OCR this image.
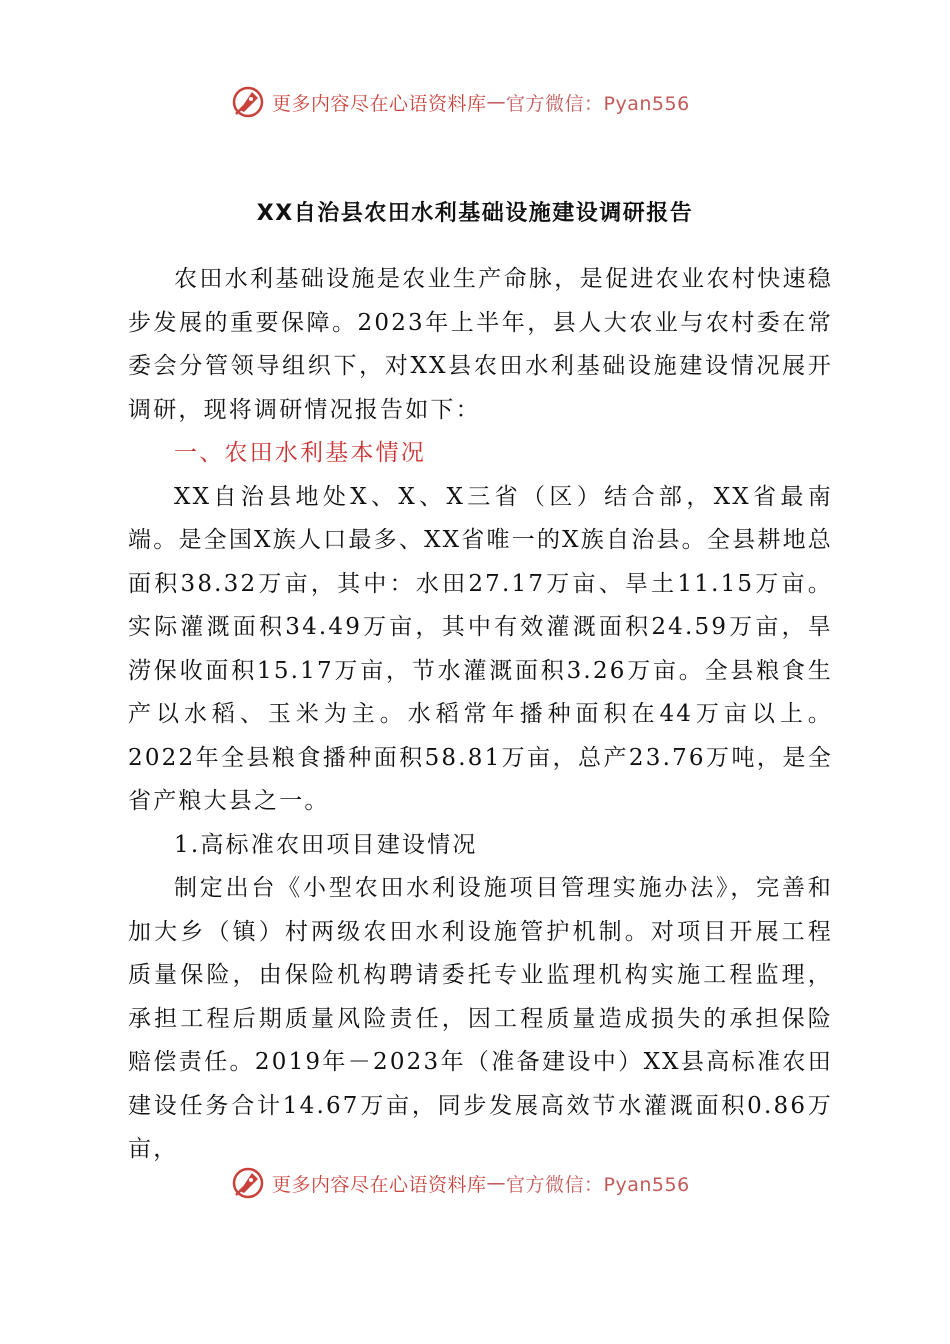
更多内容尽在心语资料库 — 官方微信：Pyan556
XX自治县农田水利基础设施建设调研报告

农田水利基础设施是农业生产命脉，是促进农业农村快速稳步发展的重要保障。2023年上半年，县人大农业与农村委在常委会分管领导组织下，对XX县农田水利基础设施建设情况展开调研，现将调研情况报告如下：

一、农田水利基本情况

XX自治县地处X、X、X三省（区）结合部，XX省最南端。是全国X族人口最多、XX省唯一的X族自治县。全县耕地总面积38.32万亩，其中：水田27.17万亩、旱土11.15万亩。实际灌溉面积34.49万亩，其中有效灌溉面积24.59万亩，旱涝保收面积15.17万亩，节水灌溉面积3.26万亩。全县粮食生产以水稻、玉米为主。水稻常年播种面积在44万亩以上。2022年全县粮食播种面积58.81万亩，总产23.76万吨，是全省产粮大县之一。

1.高标准农田项目建设情况

制定出台《小型农田水利设施项目管理实施办法》，完善和加大乡（镇）村两级农田水利设施管护机制。对项目开展工程质量保险，由保险机构聘请委托专业监理机构实施工程监理，承担工程后期质量风险责任，因工程质量造成损失的承担保险赔偿责任。2019年－2023年（准备建设中）XX县高标准农田建设任务合计14.67万亩，同步发展高效节水灌溉面积0.86万亩，

更多内容尽在心语资料库 — 官方微信：Pyan556
